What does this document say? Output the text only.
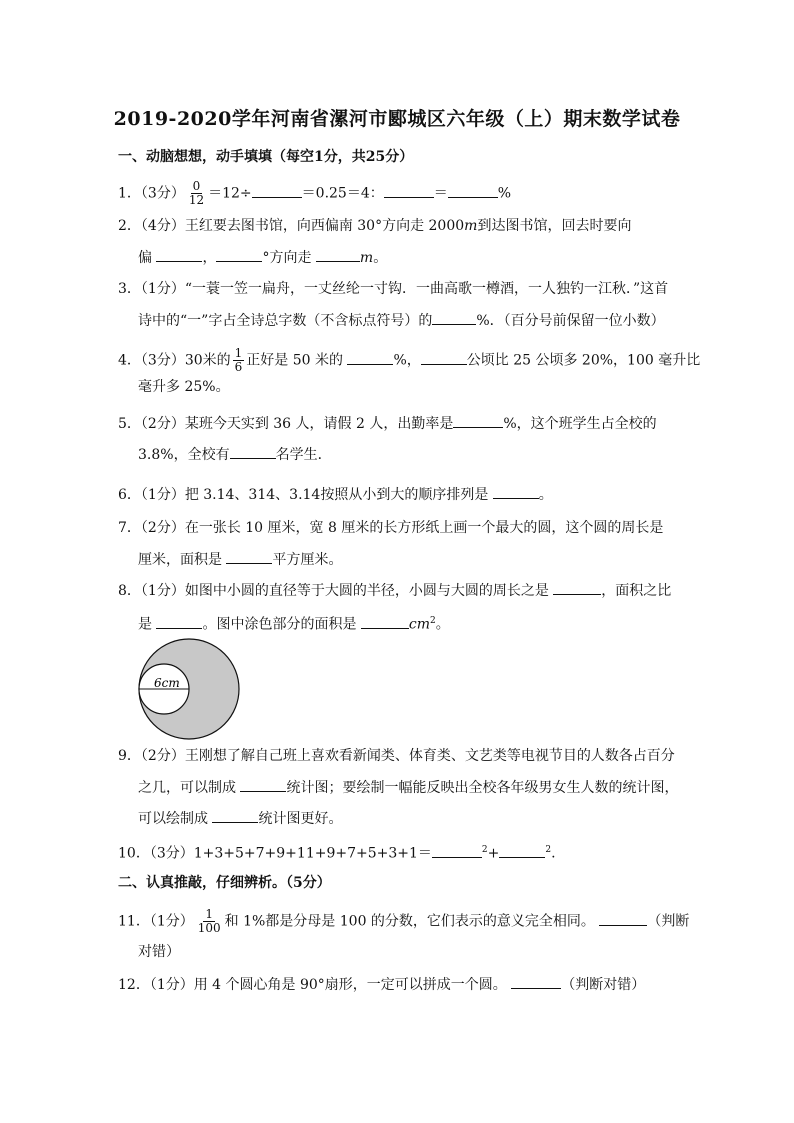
2019-2020学年河南省漯河市郾城区六年级（上）期末数学试卷
一、动脑想想，动手填填（每空1分，共25分）
1．（3分） $\frac{0}{12} =12\div$	＝0.25＝4：	＝	%
2．（4分）王红要去图书馆，向西偏南 30°方向走 2000m到达图书馆，回去时要向
偏	，	°方向走	m。
3．（1分）“一蓑一笠一扁舟，一丈丝纶一寸钩．一曲高歌一樽酒，一人独钓一江秋．”这首
诗中的“一”字占全诗总字数（不含标点符号）的	%．（百分号前保留一位小数）
4．（3分）30米的 $\frac{1}{6}$ 正好是 50 米的	%，	公顷比 25 公顷多 20%，100 毫升比
毫升多 25%。
5．（2分）某班今天实到 36 人，请假 2 人，出勤率是	%，这个班学生占全校的
3.8%，全校有	名学生．
6．（1分）把 3.14、314、3.14按照从小到大的顺序排列是	。
7．（2分）在一张长 10 厘米，宽 8 厘米的长方形纸上画一个最大的圆，这个圆的周长是
厘米，面积是	平方厘米。
8．（1分）如图中小圆的直径等于大圆的半径，小圆与大圆的周长之是	，面积之比
是	。图中涂色部分的面积是	$cm^2$。
6cm
9．（2分）王刚想了解自己班上喜欢看新闻类、体育类、文艺类等电视节目的人数各占百分
之几，可以制成	统计图；要绘制一幅能反映出全校各年级男女生人数的统计图，
可以绘制成	统计图更好。
10．（3分）1+3+5+7+9+11+9+7+5+3+1＝	$^2$+	$^2$.
二、认真推敲，仔细辨析。（5分）
11．（1分） $\frac{1}{100}$ 和 1%都是分母是 100 的分数，它们表示的意义完全相同。	（判断
对错）
12．（1分）用 4 个圆心角是 90°扇形，一定可以拼成一个圆。	（判断对错）
